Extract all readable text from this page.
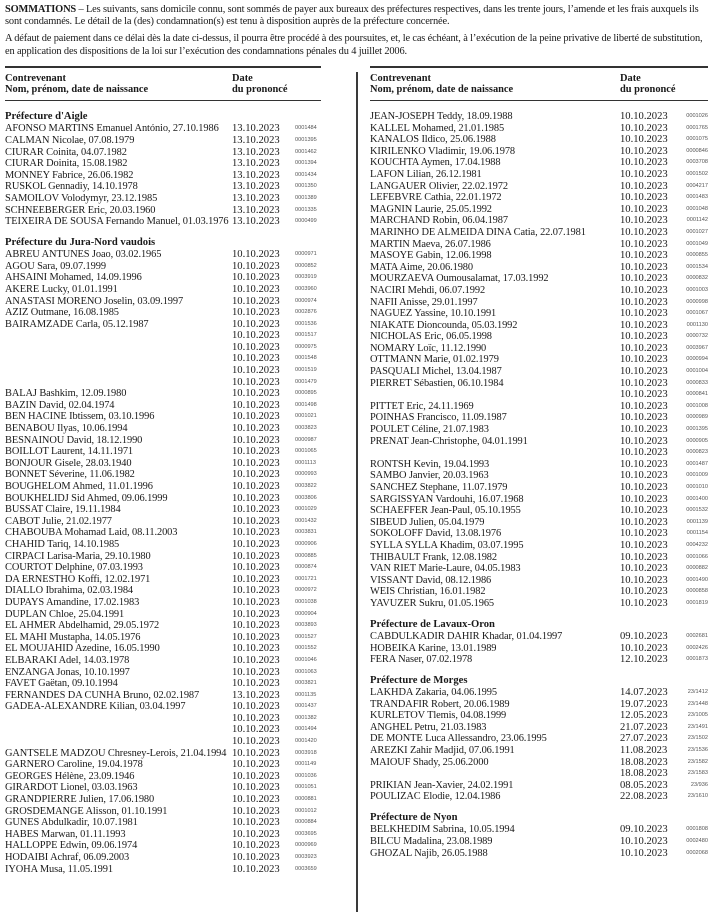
SOMMATIONS – Les suivants, sans domicile connu, sont sommés de payer aux bureaux des préfectures respectives, dans les trente jours, l’amende et les frais auxquels ils sont condamnés. Le détail de la (des) condamnation(s) est tenu à disposition auprès de la préfecture concernée.

A défaut de paiement dans ce délai dès la date ci-dessus, il pourra être procédé à des poursuites, et, le cas échéant, à l’exécution de la peine privative de liberté de substitution, en application des dispositions de la loi sur l’exécution des condamnations pénales du 4 juillet 2006.

Contrevenant
Nom, prénom, date de naissance
Date
du prononcé
Préfecture d'Aigle
AFONSO MARTINS Emanuel António, 27.10.1986 13.10.2023	0001484
CALMAN Nicolae, 07.08.1979	13.10.2023	0001395
CIURAR Coinita, 04.07.1982	13.10.2023	0001462
CIURAR Doinita, 15.08.1982	13.10.2023	0001394
MONNEY Fabrice, 26.06.1982	13.10.2023	0001434
RUSKOL Gennadiy, 14.10.1978	13.10.2023	0001350
SAMOILOV Volodymyr, 23.12.1985	13.10.2023	0001389
SCHNEEBERGER Eric, 20.03.1960	13.10.2023	0001335
TEIXEIRA DE SOUSA Fernando Manuel, 01.03.1976 13.10.2023	0000499
Préfecture du Jura-Nord vaudois
ABREU ANTUNES Joao, 03.02.1965	10.10.2023	0000971
AGOU Sara, 09.07.1999	10.10.2023	0000852
AHSAINI Mohamed, 14.09.1996	10.10.2023	0003919
AKERE Lucky, 01.01.1991	10.10.2023	0003960
ANASTASI MORENO Joselin, 03.09.1997	10.10.2023	0000974
AZIZ Outmane, 16.08.1985	10.10.2023	0002876
BAIRAMZADE Carla, 05.12.1987	10.10.2023	0001536
10.10.2023	0001517
10.10.2023	0000975
10.10.2023	0001548
10.10.2023	0001519
10.10.2023	0001479
BALAJ Bashkim, 12.09.1980	10.10.2023	0000895
BAZIN David, 02.04.1974	10.10.2023	0001498
BEN HACINE Ibtissem, 03.10.1996	10.10.2023	0001021
BENABOU Ilyas, 10.06.1994	10.10.2023	0003823
BESNAINOU David, 18.12.1990	10.10.2023	0000987
BOILLOT Laurent, 14.11.1971	10.10.2023	0001065
BONJOUR Gisele, 28.03.1940	10.10.2023	0001113
BONNET Séverine, 11.06.1982	10.10.2023	0000993
BOUGHELOM Ahmed, 11.01.1996	10.10.2023	0003822
BOUKHELIDJ Sid Ahmed, 09.06.1999	10.10.2023	0003806
BUSSAT Claire, 19.11.1984	10.10.2023	0001029
CABOT Julie, 21.02.1977	10.10.2023	0001432
CHABOUBA Mohamad Laid, 08.11.2003	10.10.2023	0003831
CHAHID Tariq, 14.10.1985	10.10.2023	0000906
CIRPACI Larisa-Maria, 29.10.1980	10.10.2023	0000885
COURTOT Delphine, 07.03.1993	10.10.2023	0000874
DA ERNESTHO Koffi, 12.02.1971	10.10.2023	0001721
DIALLO Ibrahima, 02.03.1984	10.10.2023	0000972
DUPAYS Amandine, 17.02.1983	10.10.2023	0001038
DUPLAN Chloe, 25.04.1991	10.10.2023	0000904
EL AHMER Abdelhamid, 29.05.1972	10.10.2023	0003893
EL MAHI Mustapha, 14.05.1976	10.10.2023	0001527
EL MOUJAHID Azedine, 16.05.1990	10.10.2023	0001552
ELBARAKI Adel, 14.03.1978	10.10.2023	0001046
ENZANGA Jonas, 10.10.1997	10.10.2023	0001063
FAVET Gaëtan, 09.10.1994	10.10.2023	0003821
FERNANDES DA CUNHA Bruno, 02.02.1987	13.10.2023	0001135
GADEA-ALEXANDRE Kilian, 03.04.1997	10.10.2023	0001437
10.10.2023	0001382
10.10.2023	0001494
10.10.2023	0001420
GANTSELE MADZOU Chresney-Lerois, 21.04.1994 10.10.2023	0003918
GARNERO Caroline, 19.04.1978	10.10.2023	0001149
GEORGES Hélène, 23.09.1946	10.10.2023	0001036
GIRARDOT Lionel, 03.03.1963	10.10.2023	0001051
GRANDPIERRE Julien, 17.06.1980	10.10.2023	0000881
GROSDEMANGE Alisson, 01.10.1991	10.10.2023	0001012
GUNES Abdulkadir, 10.07.1981	10.10.2023	0000884
HABES Marwan, 01.11.1993	10.10.2023	0003695
HALLOPPE Edwin, 09.06.1974	10.10.2023	0000969
HODAIBI Achraf, 06.09.2003	10.10.2023	0003923
IYOHA Musa, 11.05.1991	10.10.2023	0003659
Contrevenant
Nom, prénom, date de naissance
Date
du prononcé
JEAN-JOSEPH Teddy, 18.09.1988	10.10.2023	0001026
KALLEL Mohamed, 21.01.1985	10.10.2023	0001765
KANALOS Ildico, 25.06.1988	10.10.2023	0001075
KIRILENKO Vladimir, 19.06.1978	10.10.2023	0000846
KOUCHTA Aymen, 17.04.1988	10.10.2023	0003708
LAFON Lilian, 26.12.1981	10.10.2023	0001502
LANGAUER Olivier, 22.02.1972	10.10.2023	0004217
LEFEBVRE Cathia, 22.01.1972	10.10.2023	0001483
MAGNIN Laurie, 25.05.1992	10.10.2023	0001048
MARCHAND Robin, 06.04.1987	10.10.2023	0001142
MARINHO DE ALMEIDA DINA Catia, 22.07.1981	10.10.2023	0001027
MARTIN Maeva, 26.07.1986	10.10.2023	0001049
MASOYE Gabin, 12.06.1998	10.10.2023	0000855
MATA Aime, 20.06.1980	10.10.2023	0001534
MOURZAEVA Oumousalamat, 17.03.1992	10.10.2023	0000832
NACIRI Mehdi, 06.07.1992	10.10.2023	0001003
NAFII Anisse, 29.01.1997	10.10.2023	0000998
NAGUEZ Yassine, 10.10.1991	10.10.2023	0001067
NIAKATE Dioncounda, 05.03.1992	10.10.2023	0001130
NICHOLAS Eric, 06.05.1998	10.10.2023	0000732
NOMARY Loïc, 11.12.1990	10.10.2023	0003967
OTTMANN Marie, 01.02.1979	10.10.2023	0000994
PASQUALI Michel, 13.04.1987	10.10.2023	0001004
PIERRET Sébastien, 06.10.1984	10.10.2023	0000833
10.10.2023	0000841
PITTET Eric, 24.11.1969	10.10.2023	0001008
POINHAS Francisco, 11.09.1987	10.10.2023	0000989
POULET Céline, 21.07.1983	10.10.2023	0001395
PRENAT Jean-Christophe, 04.01.1991	10.10.2023	0000905
10.10.2023	0000823
RONTSH Kevin, 19.04.1993	10.10.2023	0001487
SAMBO Janvier, 20.03.1963	10.10.2023	0001009
SANCHEZ Stephane, 11.07.1979	10.10.2023	0001010
SARGISSYAN Vardouhi, 16.07.1968	10.10.2023	0001400
SCHAEFFER Jean-Paul, 05.10.1955	10.10.2023	0001532
SIBEUD Julien, 05.04.1979	10.10.2023	0001139
SOKOLOFF David, 13.08.1976	10.10.2023	0001154
SYLLA SYLLA Khadim, 03.07.1995	10.10.2023	0004232
THIBAULT Frank, 12.08.1982	10.10.2023	0001066
VAN RIET Marie-Laure, 04.05.1983	10.10.2023	0000882
VISSANT David, 08.12.1986	10.10.2023	0001490
WEIS Christian, 16.01.1982	10.10.2023	0000858
YAVUZER Sukru, 01.05.1965	10.10.2023	0001819
Préfecture de Lavaux-Oron
CABDULKADIR DAHIR Khadar, 01.04.1997	09.10.2023	0002681
HOBEIKA Karine, 13.01.1989	10.10.2023	0002426
FERA Naser, 07.02.1978	12.10.2023	0001873
Préfecture de Morges
LAKHDA Zakaria, 04.06.1995	14.07.2023	23/1412
TRANDAFIR Robert, 20.06.1989	19.07.2023	23/1448
KURLETOV Tlemis, 04.08.1999	12.05.2023	23/1005
ANGHEL Petru, 21.03.1983	21.07.2023	23/1491
DE MONTE Luca Allessandro, 23.06.1995	27.07.2023	23/1502
AREZKI Zahir Madjid, 07.06.1991	11.08.2023	23/1536
MAIOUF Shady, 25.06.2000	18.08.2023	23/1582
18.08.2023	23/1583
PRIKIAN Jean-Xavier, 24.02.1991	08.05.2023	23/936
POULIZAC Elodie, 12.04.1986	22.08.2023	23/1610
Préfecture de Nyon
BELKHEDIM Sabrina, 10.05.1994	09.10.2023	0001808
BILCU Madalina, 23.08.1989	10.10.2023	0002480
GHOZAL Najib, 26.05.1988	10.10.2023	0002068
